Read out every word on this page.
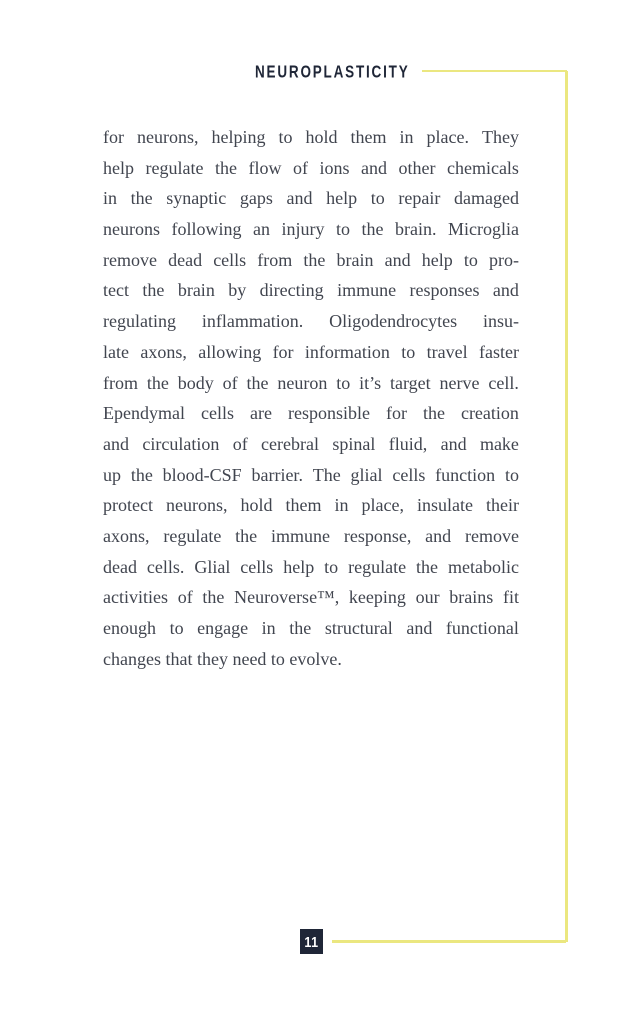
NEUROPLASTICITY
for neurons, helping to hold them in place. They
help regulate the flow of ions and other chemicals
in the synaptic gaps and help to repair damaged
neurons following an injury to the brain. Microglia
remove dead cells from the brain and help to pro-
tect the brain by directing immune responses and
regulating inflammation. Oligodendrocytes insu-
late axons, allowing for information to travel faster
from the body of the neuron to it’s target nerve cell.
Ependymal cells are responsible for the creation
and circulation of cerebral spinal fluid, and make
up the blood-CSF barrier. The glial cells function to
protect neurons, hold them in place, insulate their
axons, regulate the immune response, and remove
dead cells. Glial cells help to regulate the metabolic
activities of the Neuroverse™, keeping our brains fit
enough to engage in the structural and functional
changes that they need to evolve.
11
